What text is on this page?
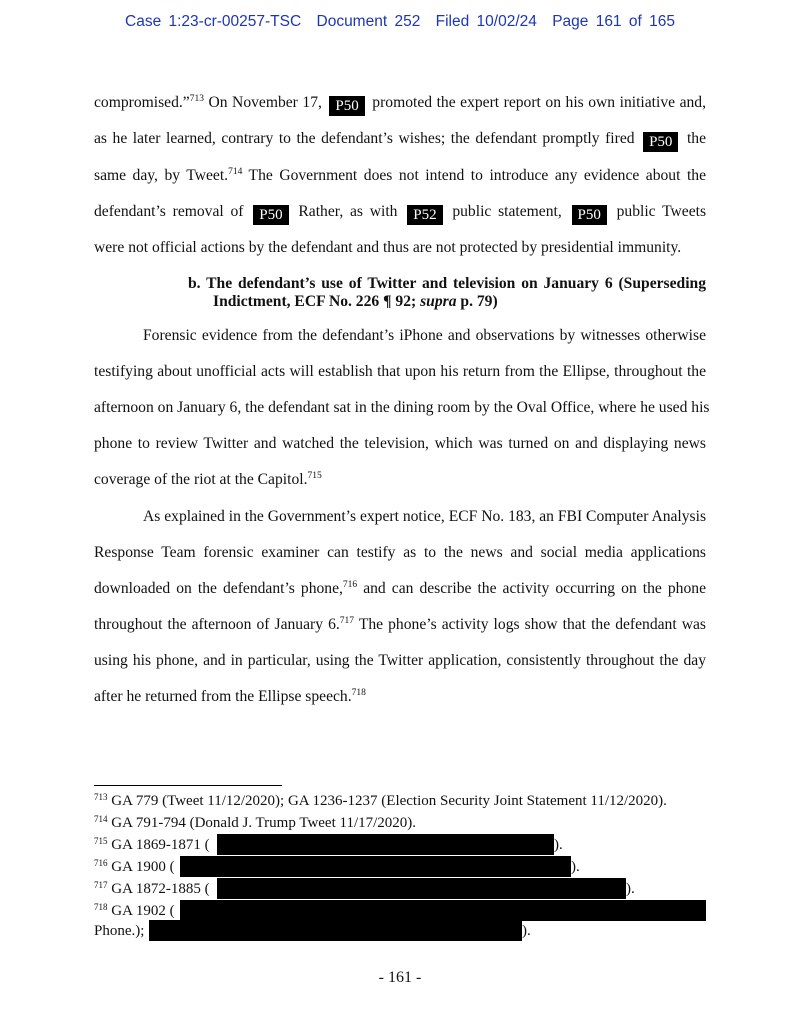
Case 1:23-cr-00257-TSC Document 252 Filed 10/02/24 Page 161 of 165
compromised.”$^{713}$ On November 17, P50 promoted the expert report on his own initiative and,
as he later learned, contrary to the defendant’s wishes; the defendant promptly fired P50 the
same day, by Tweet.$^{714}$ The Government does not intend to introduce any evidence about the
defendant’s removal of P50 Rather, as with P52 public statement, P50 public Tweets
were not official actions by the defendant and thus are not protected by presidential immunity.
b. The defendant’s use of Twitter and television on January 6 (Superseding
Indictment, ECF No. 226 ¶ 92; supra p. 79)
Forensic evidence from the defendant’s iPhone and observations by witnesses otherwise
testifying about unofficial acts will establish that upon his return from the Ellipse, throughout the
afternoon on January 6, the defendant sat in the dining room by the Oval Office, where he used his
phone to review Twitter and watched the television, which was turned on and displaying news
coverage of the riot at the Capitol.$^{715}$
As explained in the Government’s expert notice, ECF No. 183, an FBI Computer Analysis
Response Team forensic examiner can testify as to the news and social media applications
downloaded on the defendant’s phone,$^{716}$ and can describe the activity occurring on the phone
throughout the afternoon of January 6.$^{717}$ The phone’s activity logs show that the defendant was
using his phone, and in particular, using the Twitter application, consistently throughout the day
after he returned from the Ellipse speech.$^{718}$
$^{713}$ GA 779 (Tweet 11/12/2020); GA 1236-1237 (Election Security Joint Statement 11/12/2020).
$^{714}$ GA 791-794 (Donald J. Trump Tweet 11/17/2020).
$^{715}$ GA 1869-1871 (	).
$^{716}$ GA 1900 (	).
$^{717}$ GA 1872-1885 (	).
$^{718}$ GA 1902 (
Phone.);	).
- 161 -
